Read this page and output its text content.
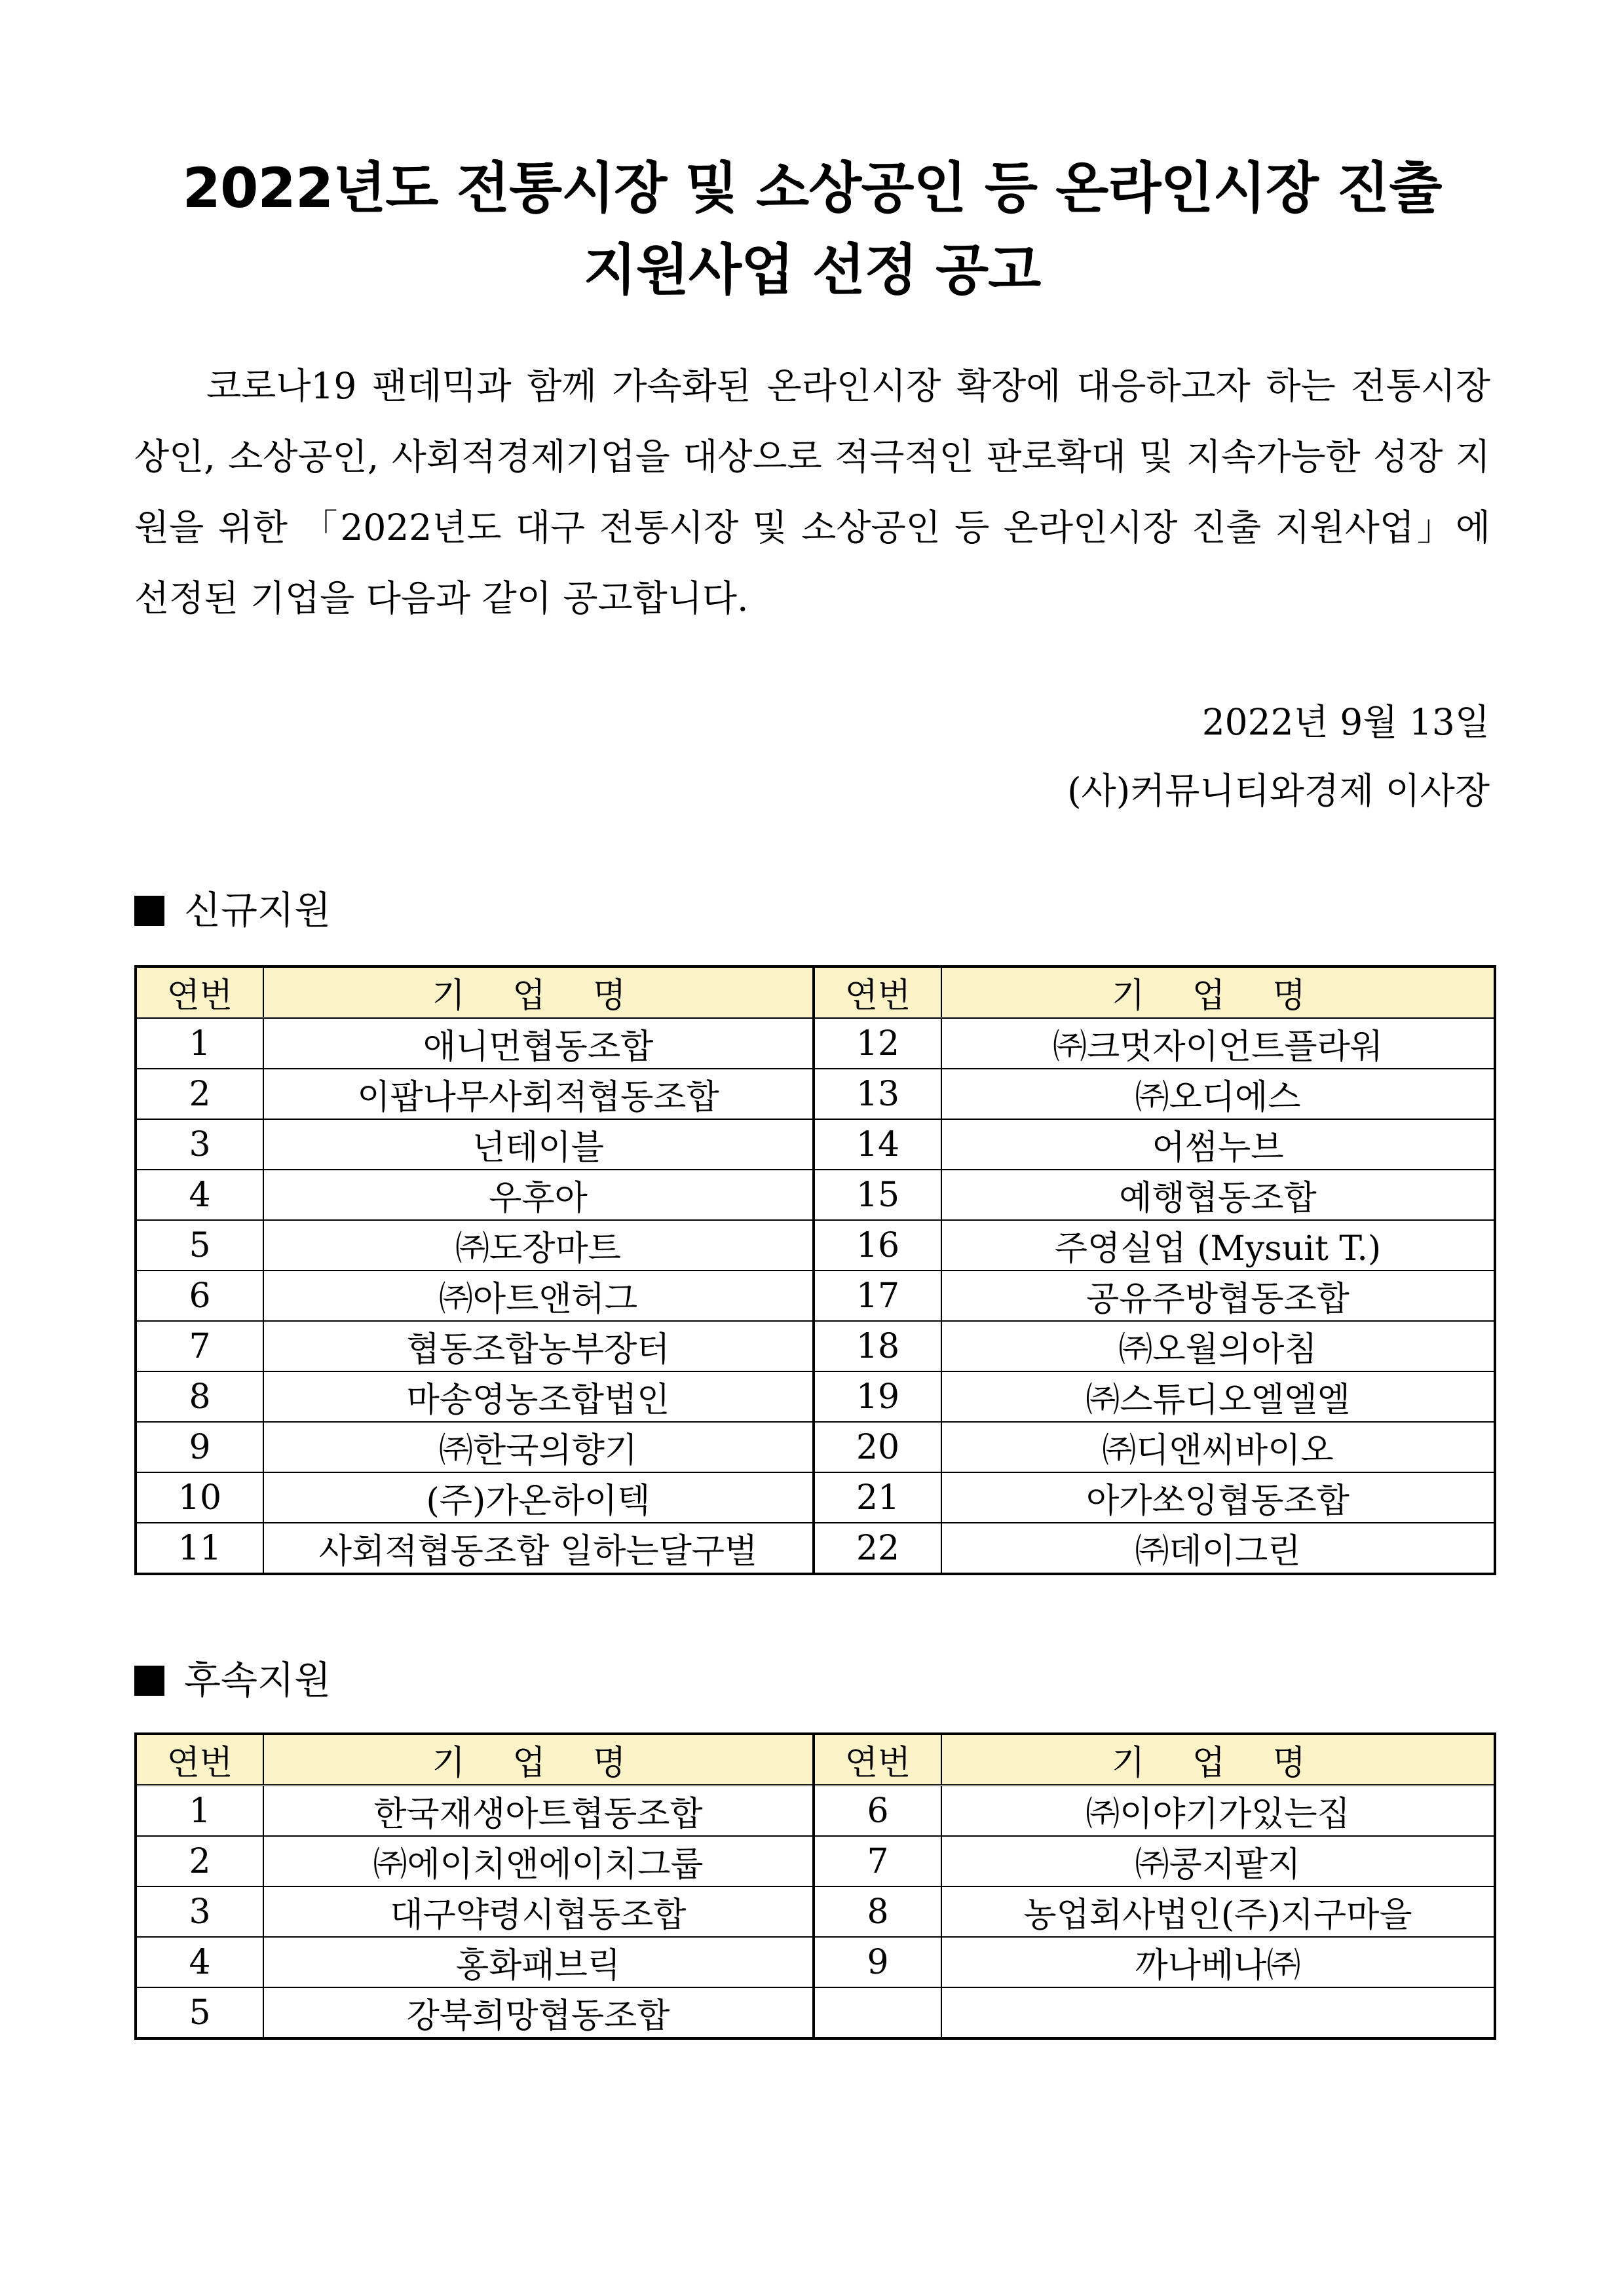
2022년도 전통시장 및 소상공인 등 온라인시장 진출
지원사업 선정 공고

코로나19 팬데믹과 함께 가속화된 온라인시장 확장에 대응하고자 하는 전통시장 상인, 소상공인, 사회적경제기업을 대상으로 적극적인 판로확대 및 지속가능한 성장 지원을 위한 「2022년도 대구 전통시장 및 소상공인 등 온라인시장 진출 지원사업」에 선정된 기업을 다음과 같이 공고합니다.

2022년 9월 13일
(사)커뮤니티와경제 이사장
신규지원
연번	기 업 명	연번	기 업 명
1	애니먼협동조합	12	㈜크멋자이언트플라워
2	이팝나무사회적협동조합	13	㈜오디에스
3	넌테이블	14	어썸누브
4	우후아	15	예행협동조합
5	㈜도장마트	16	주영실업 (Mysuit T.)
6	㈜아트앤허그	17	공유주방협동조합
7	협동조합농부장터	18	㈜오월의아침
8	마송영농조합법인	19	㈜스튜디오엘엘엘
9	㈜한국의향기	20	㈜디앤씨바이오
10	(주)가온하이텍	21	아가쏘잉협동조합
11	사회적협동조합 일하는달구벌	22	㈜데이그린
후속지원
연번	기 업 명	연번	기 업 명
1	한국재생아트협동조합	6	㈜이야기가있는집
2	㈜에이치앤에이치그룹	7	㈜콩지팥지
3	대구약령시협동조합	8	농업회사법인(주)지구마을
4	홍화패브릭	9	까나베나㈜
5	강북희망협동조합		
